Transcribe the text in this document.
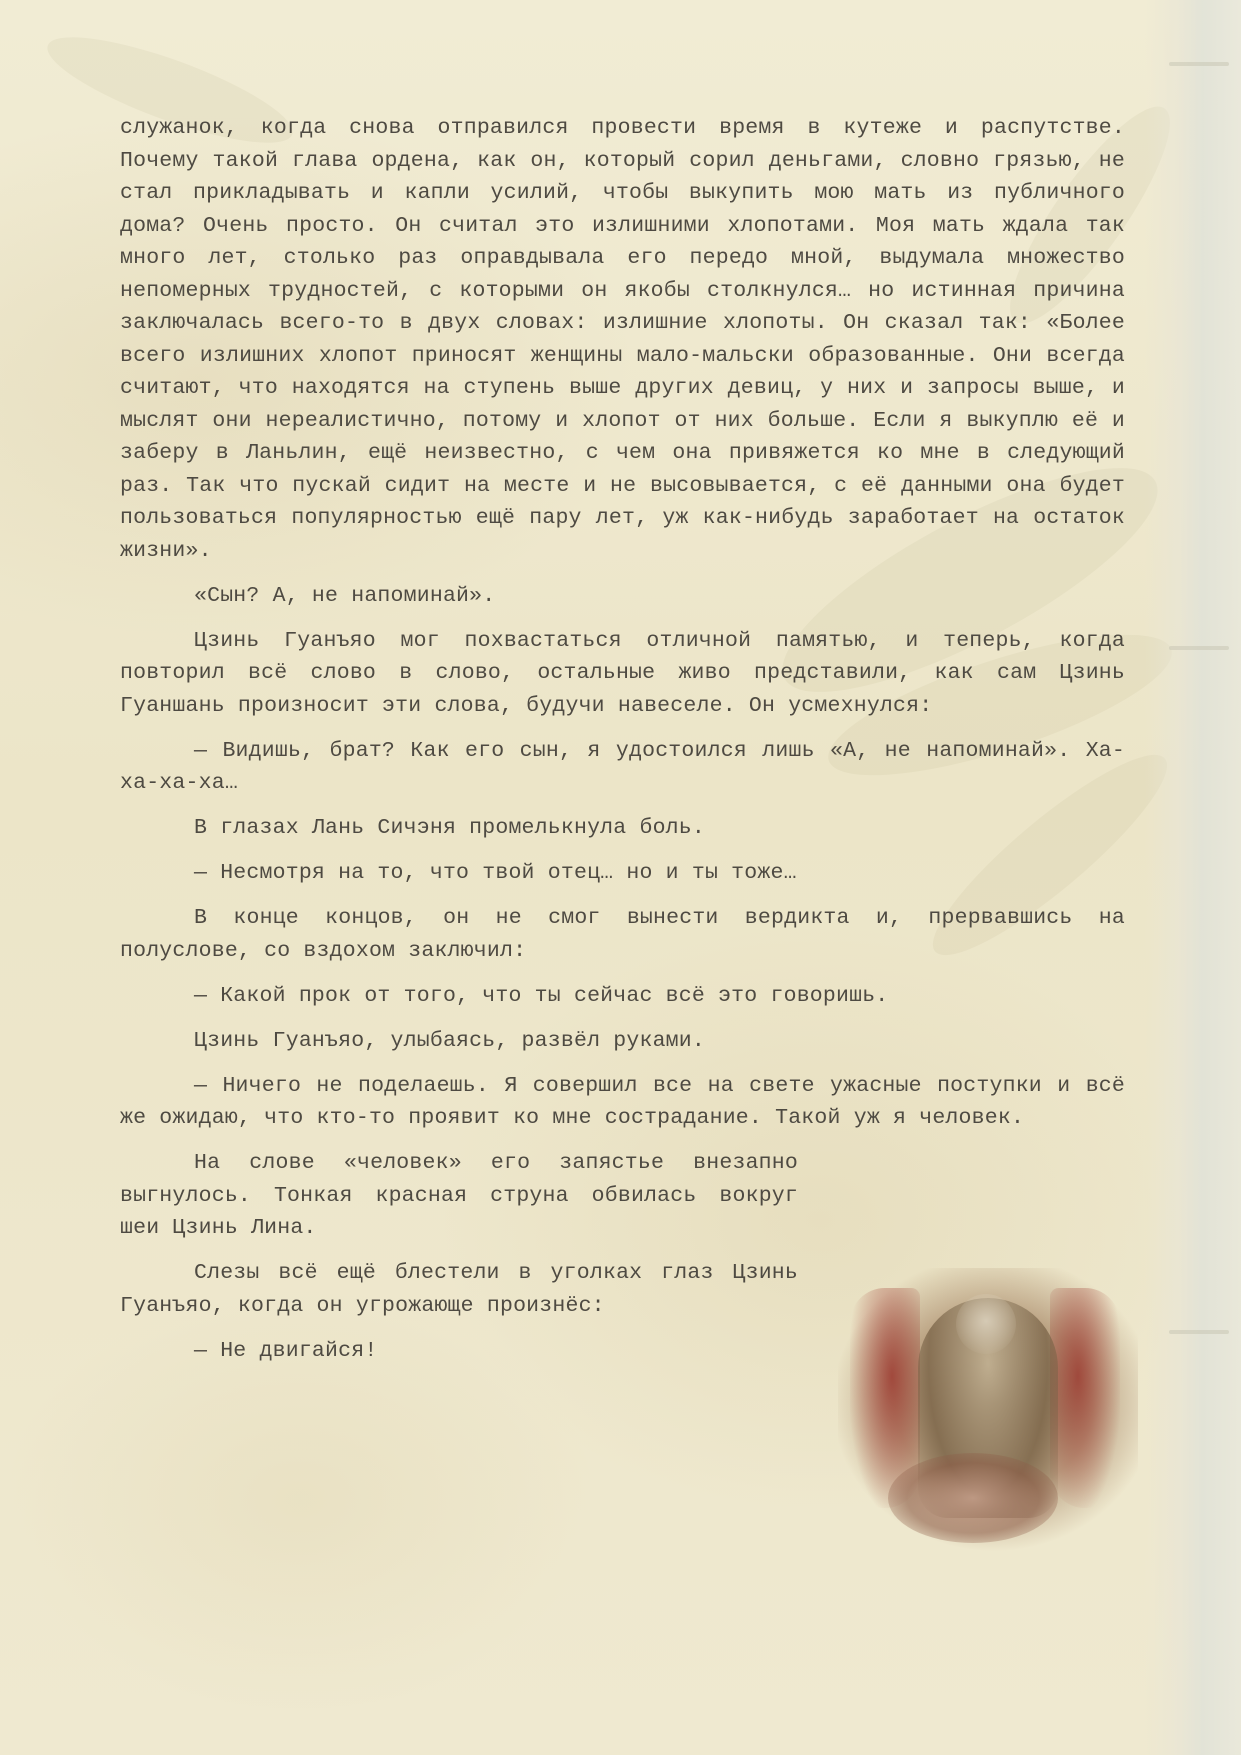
служанок, когда снова отправился провести время в кутеже и распутстве. Почему такой глава ордена, как он, который сорил деньгами, словно грязью, не стал прикладывать и капли усилий, чтобы выкупить мою мать из публичного дома? Очень просто. Он считал это излишними хлопотами. Моя мать ждала так много лет, столько раз оправдывала его передо мной, выдумала множество непомерных трудностей, с которыми он якобы столкнулся… но истинная причина заключалась всего-то в двух словах: излишние хлопоты. Он сказал так: «Более всего излишних хлопот приносят женщины мало-мальски образованные. Они всегда считают, что находятся на ступень выше других девиц, у них и запросы выше, и мыслят они нереалистично, потому и хлопот от них больше. Если я выкуплю её и заберу в Ланьлин, ещё неизвестно, с чем она привяжется ко мне в следующий раз. Так что пускай сидит на месте и не высовывается, с её данными она будет пользоваться популярностью ещё пару лет, уж как-нибудь заработает на остаток жизни».

«Сын? А, не напоминай».

Цзинь Гуанъяо мог похвастаться отличной памятью, и теперь, когда повторил всё слово в слово, остальные живо представили, как сам Цзинь Гуаншань произносит эти слова, будучи навеселе. Он усмехнулся:

— Видишь, брат? Как его сын, я удостоился лишь «А, не напоминай». Ха-ха-ха-ха…

В глазах Лань Сичэня промелькнула боль.

— Несмотря на то, что твой отец… но и ты тоже…

В конце концов, он не смог вынести вердикта и, прервавшись на полуслове, со вздохом заключил:

— Какой прок от того, что ты сейчас всё это говоришь.

Цзинь Гуанъяо, улыбаясь, развёл руками.

— Ничего не поделаешь. Я совершил все на свете ужасные поступки и всё же ожидаю, что кто-то проявит ко мне сострадание. Такой уж я человек.

На слове «человек» его запястье внезапно выгнулось. Тонкая красная струна обвилась вокруг шеи Цзинь Лина.

Слезы всё ещё блестели в уголках глаз Цзинь Гуанъяо, когда он угрожающе произнёс:

— Не двигайся!
